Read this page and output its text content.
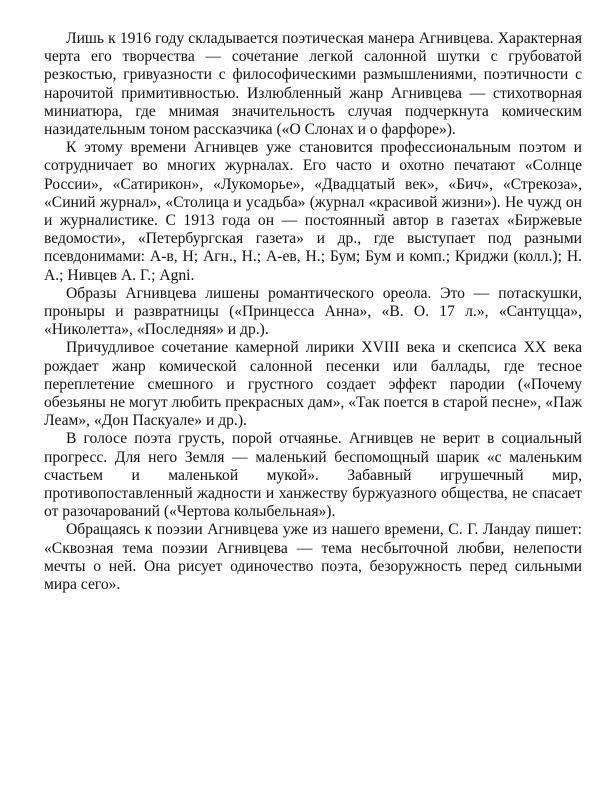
Лишь к 1916 году складывается поэтическая манера Агнивцева. Характерная черта его творчества — сочетание легкой салонной шутки с грубоватой резкостью, гривуазности с философическими размышлениями, поэтичности с нарочитой примитивностью. Излюбленный жанр Агнивцева — стихотворная миниатюра, где мнимая значительность случая подчеркнута комическим назидательным тоном рассказчика («О Слонах и о фарфоре»).

К этому времени Агнивцев уже становится профессиональным поэтом и сотрудничает во многих журналах. Его часто и охотно печатают «Солнце России», «Сатирикон», «Лукоморье», «Двадцатый век», «Бич», «Стрекоза», «Синий журнал», «Столица и усадьба» (журнал «красивой жизни»). Не чужд он и журналистике. С 1913 года он — постоянный автор в газетах «Биржевые ведомости», «Петербургская газета» и др., где выступает под разными псевдонимами: А-в, Н; Агн., Н.; А-ев, Н.; Бум; Бум и комп.; Криджи (колл.); Н. А.; Нивцев А. Г.; Agni.

Образы Агнивцева лишены романтического ореола. Это — потаскушки, проныры и развратницы («Принцесса Анна», «В. О. 17 л.», «Сантуцца», «Николетта», «Последняя» и др.).

Причудливое сочетание камерной лирики XVIII века и скепсиса XX века рождает жанр комической салонной песенки или баллады, где тесное переплетение смешного и грустного создает эффект пародии («Почему обезьяны не могут любить прекрасных дам», «Так поется в старой песне», «Паж Леам», «Дон Паскуале» и др.).

В голосе поэта грусть, порой отчаянье. Агнивцев не верит в социальный прогресс. Для него Земля — маленький беспомощный шарик «с маленьким счастьем и маленькой мукой». Забавный игрушечный мир, противопоставленный жадности и ханжеству буржуазного общества, не спасает от разочарований («Чертова колыбельная»).

Обращаясь к поэзии Агнивцева уже из нашего времени, С. Г. Ландау пишет: «Сквозная тема поэзии Агнивцева — тема несбыточной любви, нелепости мечты о ней. Она рисует одиночество поэта, безоружность перед сильными мира сего».
